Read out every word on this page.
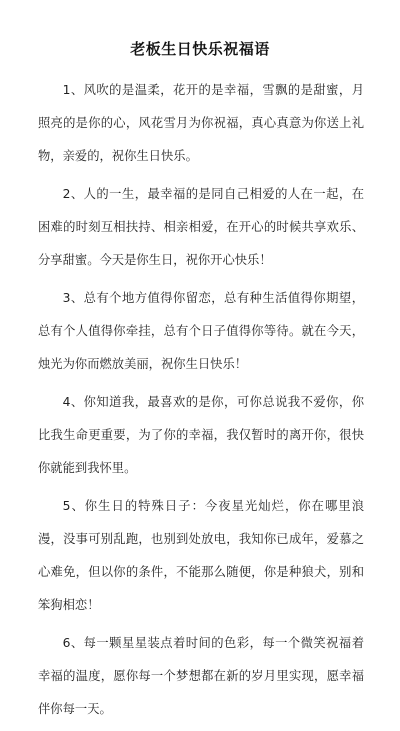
老板生日快乐祝福语

1、风吹的是温柔，花开的是幸福，雪飘的是甜蜜，月照亮的是你的心，风花雪月为你祝福，真心真意为你送上礼物，亲爱的，祝你生日快乐。

2、人的一生，最幸福的是同自己相爱的人在一起，在困难的时刻互相扶持、相亲相爱，在开心的时候共享欢乐、分享甜蜜。今天是你生日，祝你开心快乐！

3、总有个地方值得你留恋，总有种生活值得你期望，总有个人值得你牵挂，总有个日子值得你等待。就在今天，烛光为你而燃放美丽，祝你生日快乐！

4、你知道我，最喜欢的是你，可你总说我不爱你，你比我生命更重要，为了你的幸福，我仅暂时的离开你，很快你就能到我怀里。

5、你生日的特殊日子：今夜星光灿烂，你在哪里浪漫，没事可别乱跑，也别到处放电，我知你已成年，爱慕之心难免，但以你的条件，不能那么随便，你是种狼犬，别和笨狗相恋！

6、每一颗星星装点着时间的色彩，每一个微笑祝福着幸福的温度，愿你每一个梦想都在新的岁月里实现，愿幸福伴你每一天。
